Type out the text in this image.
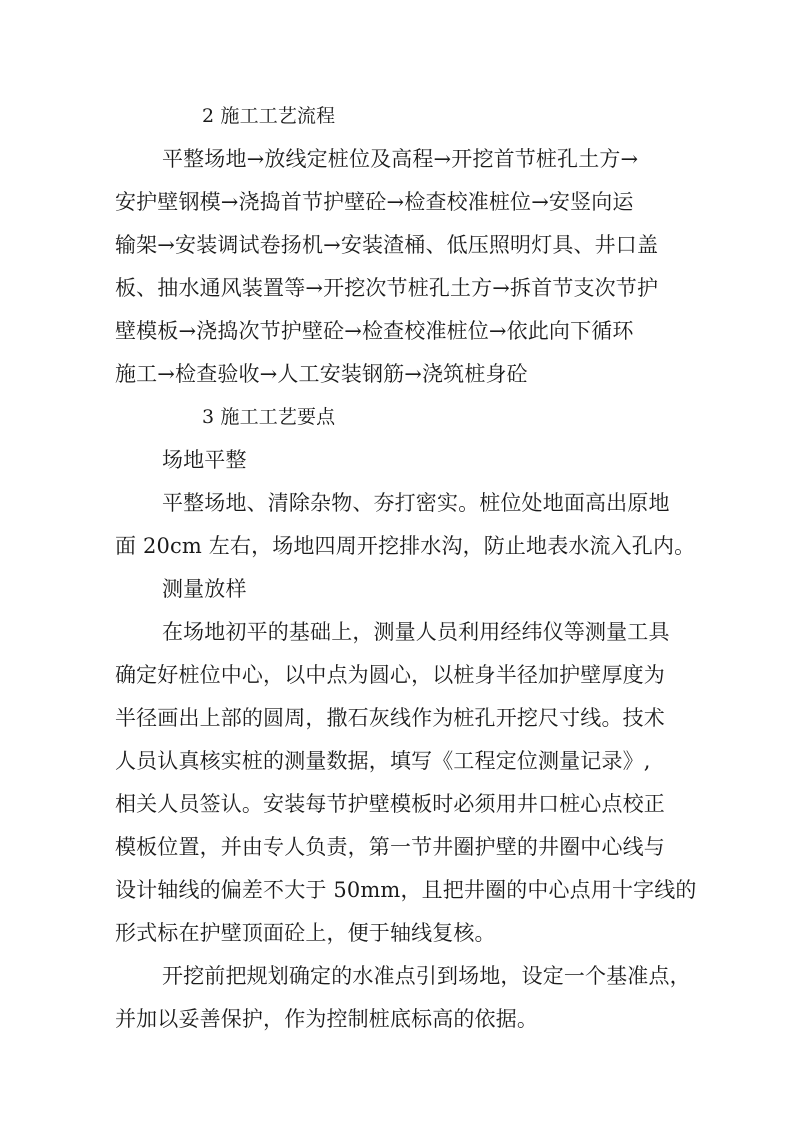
2 施工工艺流程
平整场地→放线定桩位及高程→开挖首节桩孔土方→
安护壁钢模→浇捣首节护壁砼→检查校准桩位→安竖向运
输架→安装调试卷扬机→安装渣桶、低压照明灯具、井口盖
板、抽水通风装置等→开挖次节桩孔土方→拆首节支次节护
壁模板→浇捣次节护壁砼→检查校准桩位→依此向下循环
施工→检查验收→人工安装钢筋→浇筑桩身砼
3 施工工艺要点
场地平整
平整场地、清除杂物、夯打密实。桩位处地面高出原地
面 20cm 左右，场地四周开挖排水沟，防止地表水流入孔内。
测量放样
在场地初平的基础上，测量人员利用经纬仪等测量工具
确定好桩位中心，以中点为圆心，以桩身半径加护壁厚度为
半径画出上部的圆周，撒石灰线作为桩孔开挖尺寸线。技术
人员认真核实桩的测量数据，填写《工程定位测量记录》,
相关人员签认。安装每节护壁模板时必须用井口桩心点校正
模板位置，并由专人负责，第一节井圈护壁的井圈中心线与
设计轴线的偏差不大于 50mm，且把井圈的中心点用十字线的
形式标在护壁顶面砼上，便于轴线复核。
开挖前把规划确定的水准点引到场地，设定一个基准点，
并加以妥善保护，作为控制桩底标高的依据。
